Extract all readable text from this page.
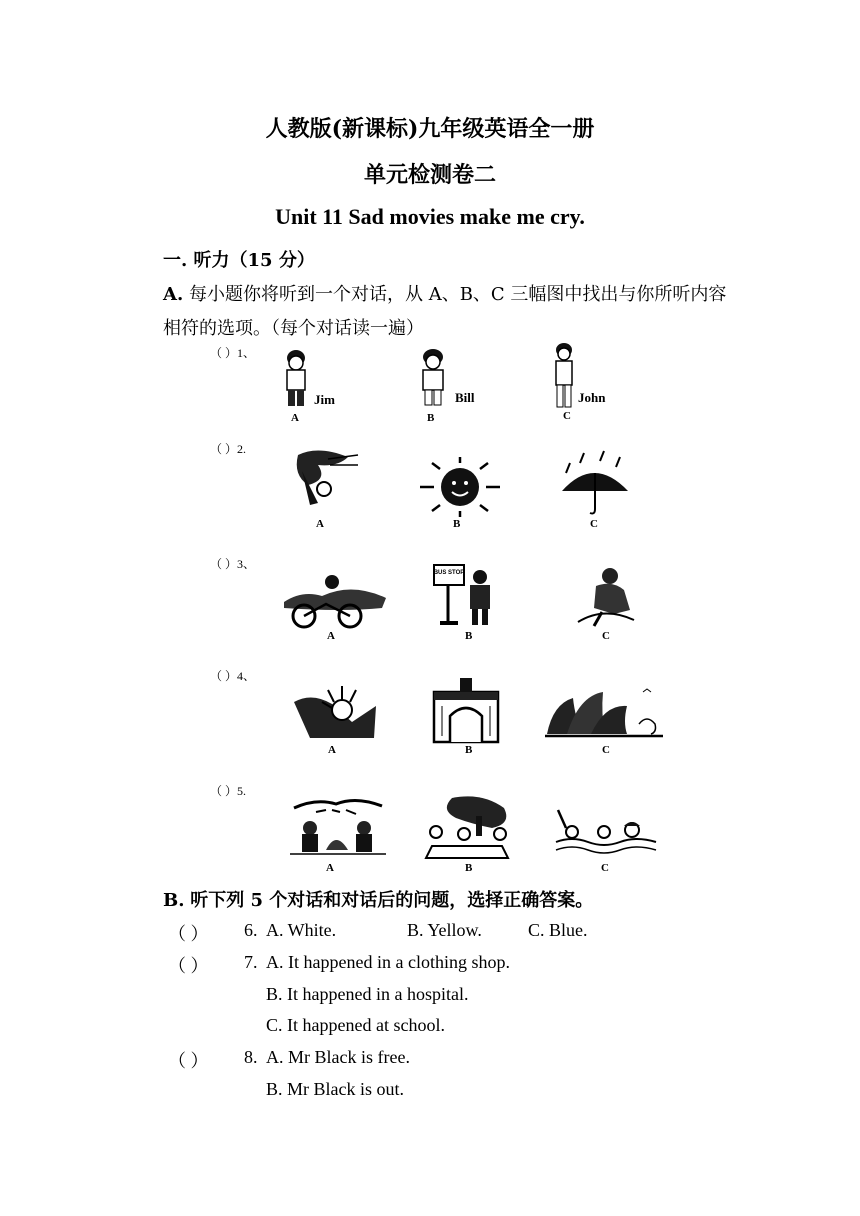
人教版(新课标)九年级英语全一册
单元检测卷二
Unit 11 Sad movies make me cry.
一. 听力（15 分）
A. 每小题你将听到一个对话，从 A、B、C 三幅图中找出与你所听内容
相符的选项。（每个对话读一遍）
（ ）1、
Jim	Bill	John
A	B	C
（ ）2.
A	B	C
（ ）3、
BUS STOP
A	B	C
（ ）4、
A	B	C
（ ）5.
A	B	C
B. 听下列 5 个对话和对话后的问题，选择正确答案。
（ ） 6. A. White.	B. Yellow.	C. Blue.
（ ） 7. A. It happened in a clothing shop.
B. It happened in a hospital.
C. It happened at school.
（ ） 8. A. Mr Black is free.
B. Mr Black is out.
